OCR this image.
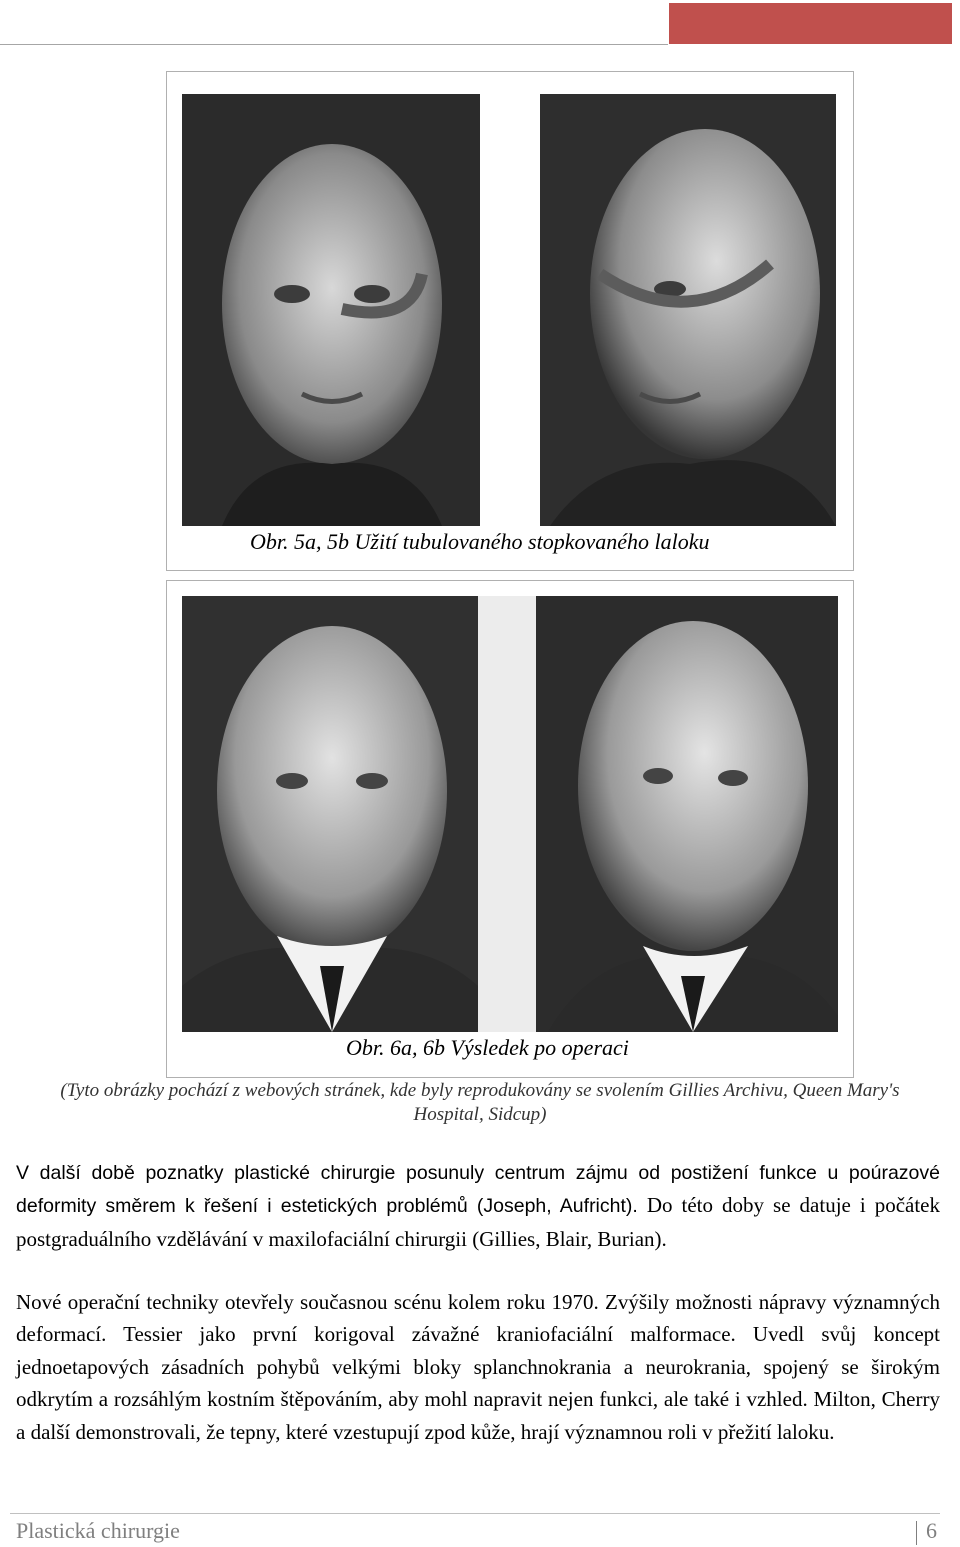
Obr. 5a, 5b Užití tubulovaného stopkovaného laloku
Obr. 6a, 6b Výsledek po operaci
(Tyto obrázky pochází z webových stránek, kde byly reprodukovány se svolením Gillies Archivu, Queen Mary's Hospital, Sidcup)
V další době poznatky plastické chirurgie posunuly centrum zájmu od postižení funkce u poúrazové deformity směrem k řešení i estetických problémů (Joseph, Aufricht). Do této doby se datuje i počátek postgraduálního vzdělávání v maxilofaciální chirurgii (Gillies, Blair, Burian).
Nové operační techniky otevřely současnou scénu kolem roku 1970. Zvýšily možnosti nápravy významných deformací. Tessier jako první korigoval závažné kraniofaciální malformace. Uvedl svůj koncept jednoetapových zásadních pohybů velkými bloky splanchnokrania a neurokrania, spojený se širokým odkrytím a rozsáhlým kostním štěpováním, aby mohl napravit nejen funkci, ale také i vzhled. Milton, Cherry a další demonstrovali, že tepny, které vzestupují zpod kůže, hrají významnou roli v přežití laloku.
Plastická chirurgie	6
